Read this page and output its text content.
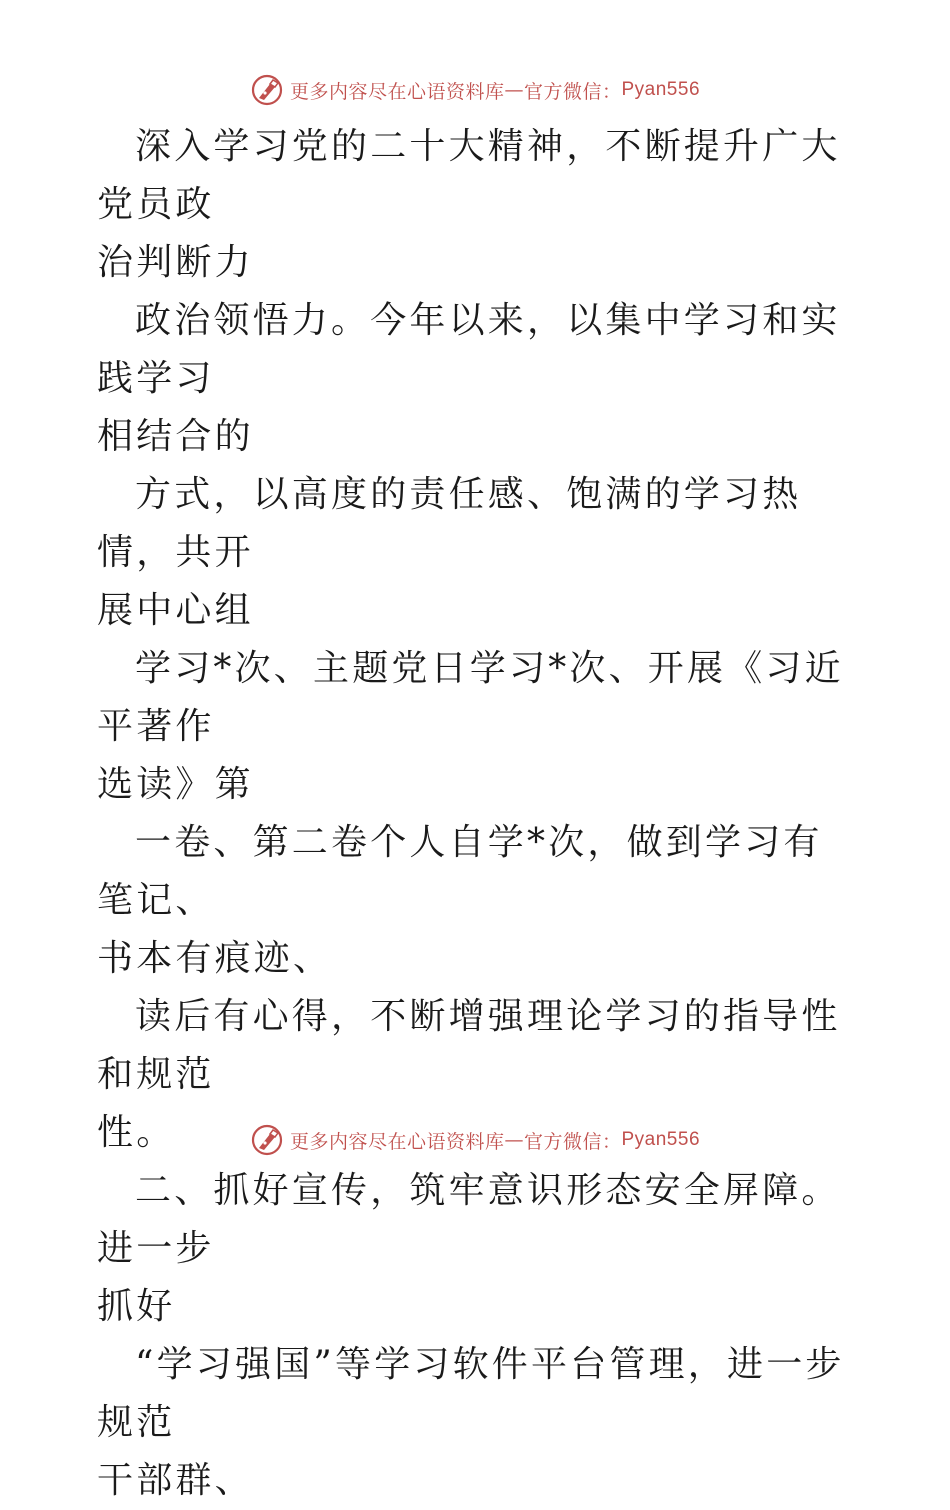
更多内容尽在心语资料库 — 官方微信： Pyan556

深入学习党的二十大精神，不断提升广大党员政

治判断力

政治领悟力。今年以来，以集中学习和实践学习

相结合的

方式，以高度的责任感、饱满的学习热情，共开

展中心组

学习*次、主题党日学习*次、开展《习近平著作

选读》第

一卷、第二卷个人自学*次，做到学习有笔记、

书本有痕迹、

读后有心得，不断增强理论学习的指导性和规范

性。

二、抓好宣传，筑牢意识形态安全屏障。进一步

抓好

“学习强国”等学习软件平台管理，进一步规范

干部群、

更多内容尽在心语资料库 — 官方微信： Pyan556
